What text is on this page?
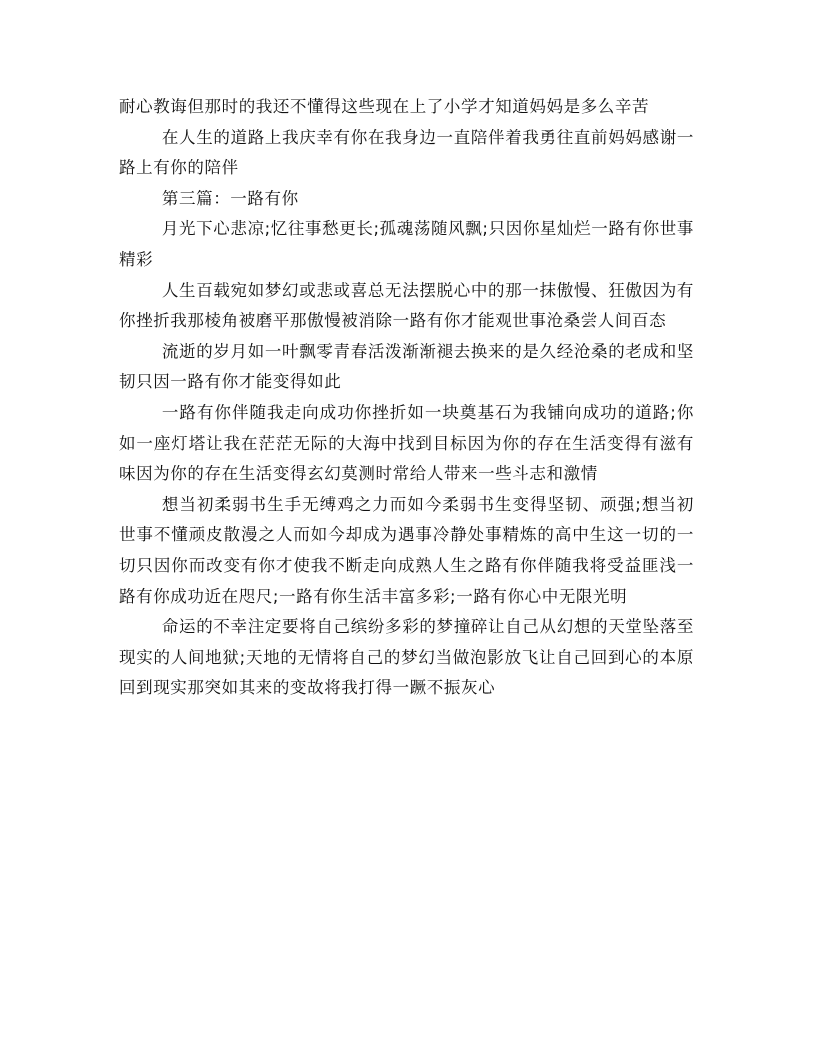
耐心教诲但那时的我还不懂得这些现在上了小学才知道妈妈是多么辛苦

在人生的道路上我庆幸有你在我身边一直陪伴着我勇往直前妈妈感谢一路上有你的陪伴

第三篇：一路有你

月光下心悲凉;忆往事愁更长;孤魂荡随风飘;只因你星灿烂一路有你世事精彩

人生百载宛如梦幻或悲或喜总无法摆脱心中的那一抹傲慢、狂傲因为有你挫折我那棱角被磨平那傲慢被消除一路有你才能观世事沧桑尝人间百态

流逝的岁月如一叶飘零青春活泼渐渐褪去换来的是久经沧桑的老成和坚韧只因一路有你才能变得如此

一路有你伴随我走向成功你挫折如一块奠基石为我铺向成功的道路;你如一座灯塔让我在茫茫无际的大海中找到目标因为你的存在生活变得有滋有味因为你的存在生活变得玄幻莫测时常给人带来一些斗志和激情

想当初柔弱书生手无缚鸡之力而如今柔弱书生变得坚韧、顽强;想当初世事不懂顽皮散漫之人而如今却成为遇事冷静处事精炼的高中生这一切的一切只因你而改变有你才使我不断走向成熟人生之路有你伴随我将受益匪浅一路有你成功近在咫尺;一路有你生活丰富多彩;一路有你心中无限光明

命运的不幸注定要将自己缤纷多彩的梦撞碎让自己从幻想的天堂坠落至现实的人间地狱;天地的无情将自己的梦幻当做泡影放飞让自己回到心的本原回到现实那突如其来的变故将我打得一蹶不振灰心
